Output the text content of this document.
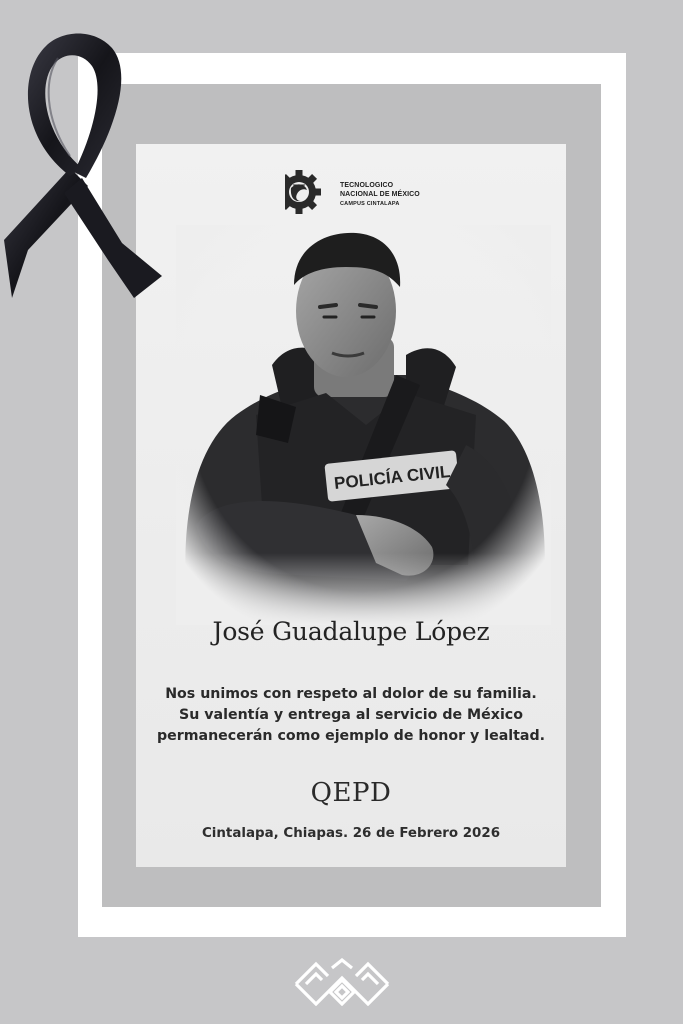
TECNOLOGICO
NACIONAL DE MÉXICO
CAMPUS CINTALAPA
José Guadalupe López
Nos unimos con respeto al dolor de su familia.
Su valentía y entrega al servicio de México
permanecerán como ejemplo de honor y lealtad.
QEPD
Cintalapa, Chiapas. 26 de Febrero 2026
